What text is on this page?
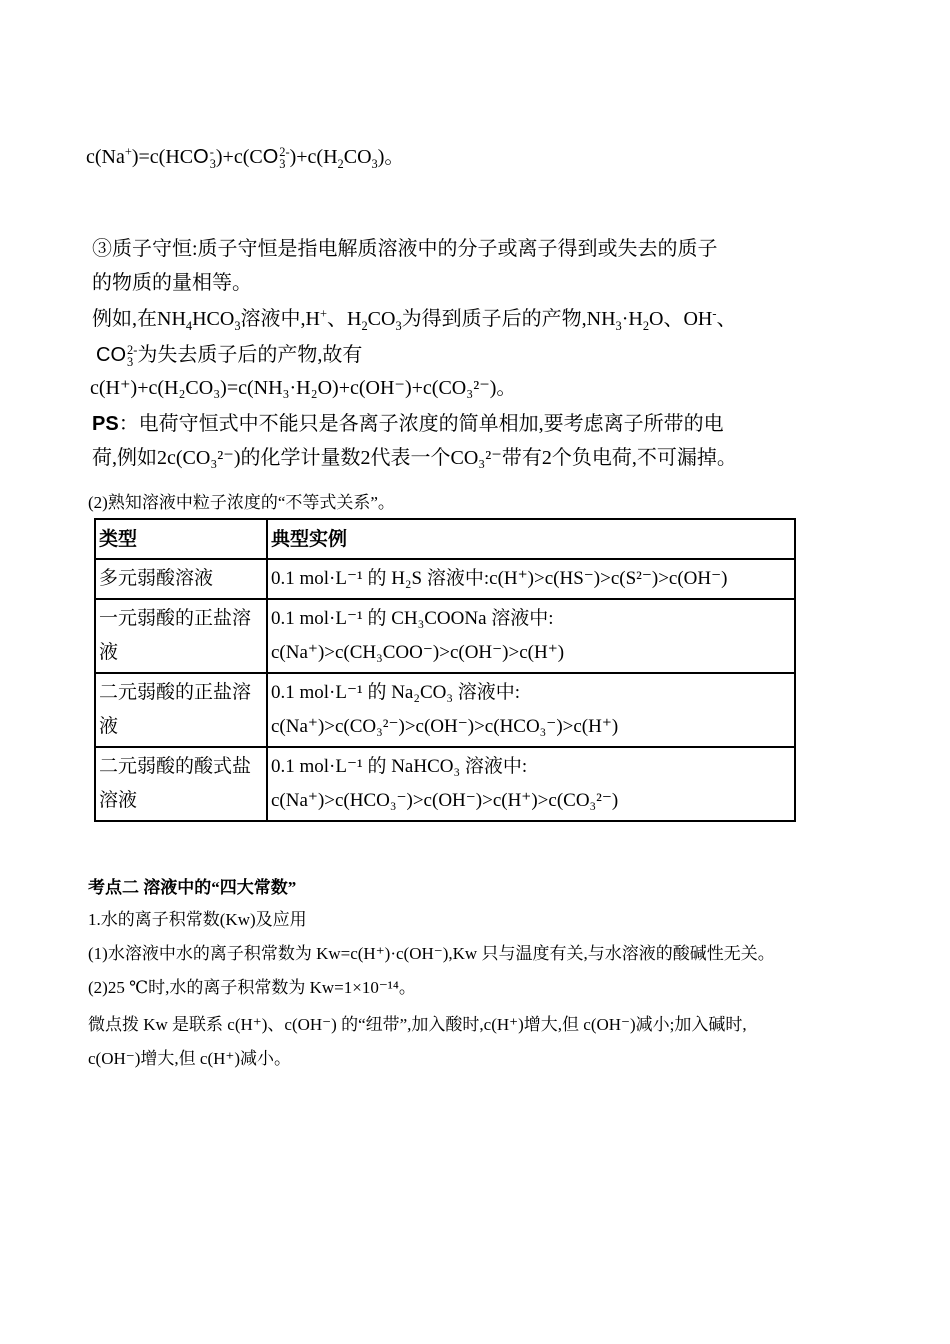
c(Na+)=c(HCO -
3 )+c(CO 2-
3 )$+c(H_2CO_3)$。
③质子守恒:质子守恒是指电解质溶液中的分子或离子得到或失去的质子
的物质的量相等。
例如,在$NH_4HCO_3$溶液中,H+、$H_2CO_3$为得到质子后的产物$,NH_3\cdot H_2O$、OH-、
CO 2-
3 为失去质子后的产物,故有
c(H⁺)+c(H₂CO₃)=c(NH₃·H₂O)+c(OH⁻)+c(CO₃²⁻)。
PS：电荷守恒式中不能只是各离子浓度的简单相加,要考虑离子所带的电
荷,例如2c(CO₃²⁻)的化学计量数2代表一个CO₃²⁻带有2个负电荷,不可漏掉。
(2)熟知溶液中粒子浓度的“不等式关系”。
类型	典型实例
多元弱酸溶液	0.1 mol·L⁻¹ 的 H₂S 溶液中:c(H⁺)>c(HS⁻)>c(S²⁻)>c(OH⁻)

一元弱酸的正盐溶液	0.1 mol·L⁻¹ 的 CH₃COONa 溶液中:
c(Na⁺)>c(CH₃COO⁻)>c(OH⁻)>c(H⁺)

二元弱酸的正盐溶液	0.1 mol·L⁻¹ 的 Na₂CO₃ 溶液中:
c(Na⁺)>c(CO₃²⁻)>c(OH⁻)>c(HCO₃⁻)>c(H⁺)

二元弱酸的酸式盐溶液	0.1 mol·L⁻¹ 的 NaHCO₃ 溶液中:
c(Na⁺)>c(HCO₃⁻)>c(OH⁻)>c(H⁺)>c(CO₃²⁻)
考点二 溶液中的“四大常数”
1.水的离子积常数(Kw)及应用
(1)水溶液中水的离子积常数为 Kw=c(H⁺)·c(OH⁻),Kw 只与温度有关,与水溶液的酸碱性无关。
(2)25 ℃时,水的离子积常数为 Kw=1×10⁻¹⁴。
微点拨 Kw 是联系 c(H⁺)、c(OH⁻) 的“纽带”,加入酸时,c(H⁺)增大,但 c(OH⁻)减小;加入碱时,
c(OH⁻)增大,但 c(H⁺)减小。
